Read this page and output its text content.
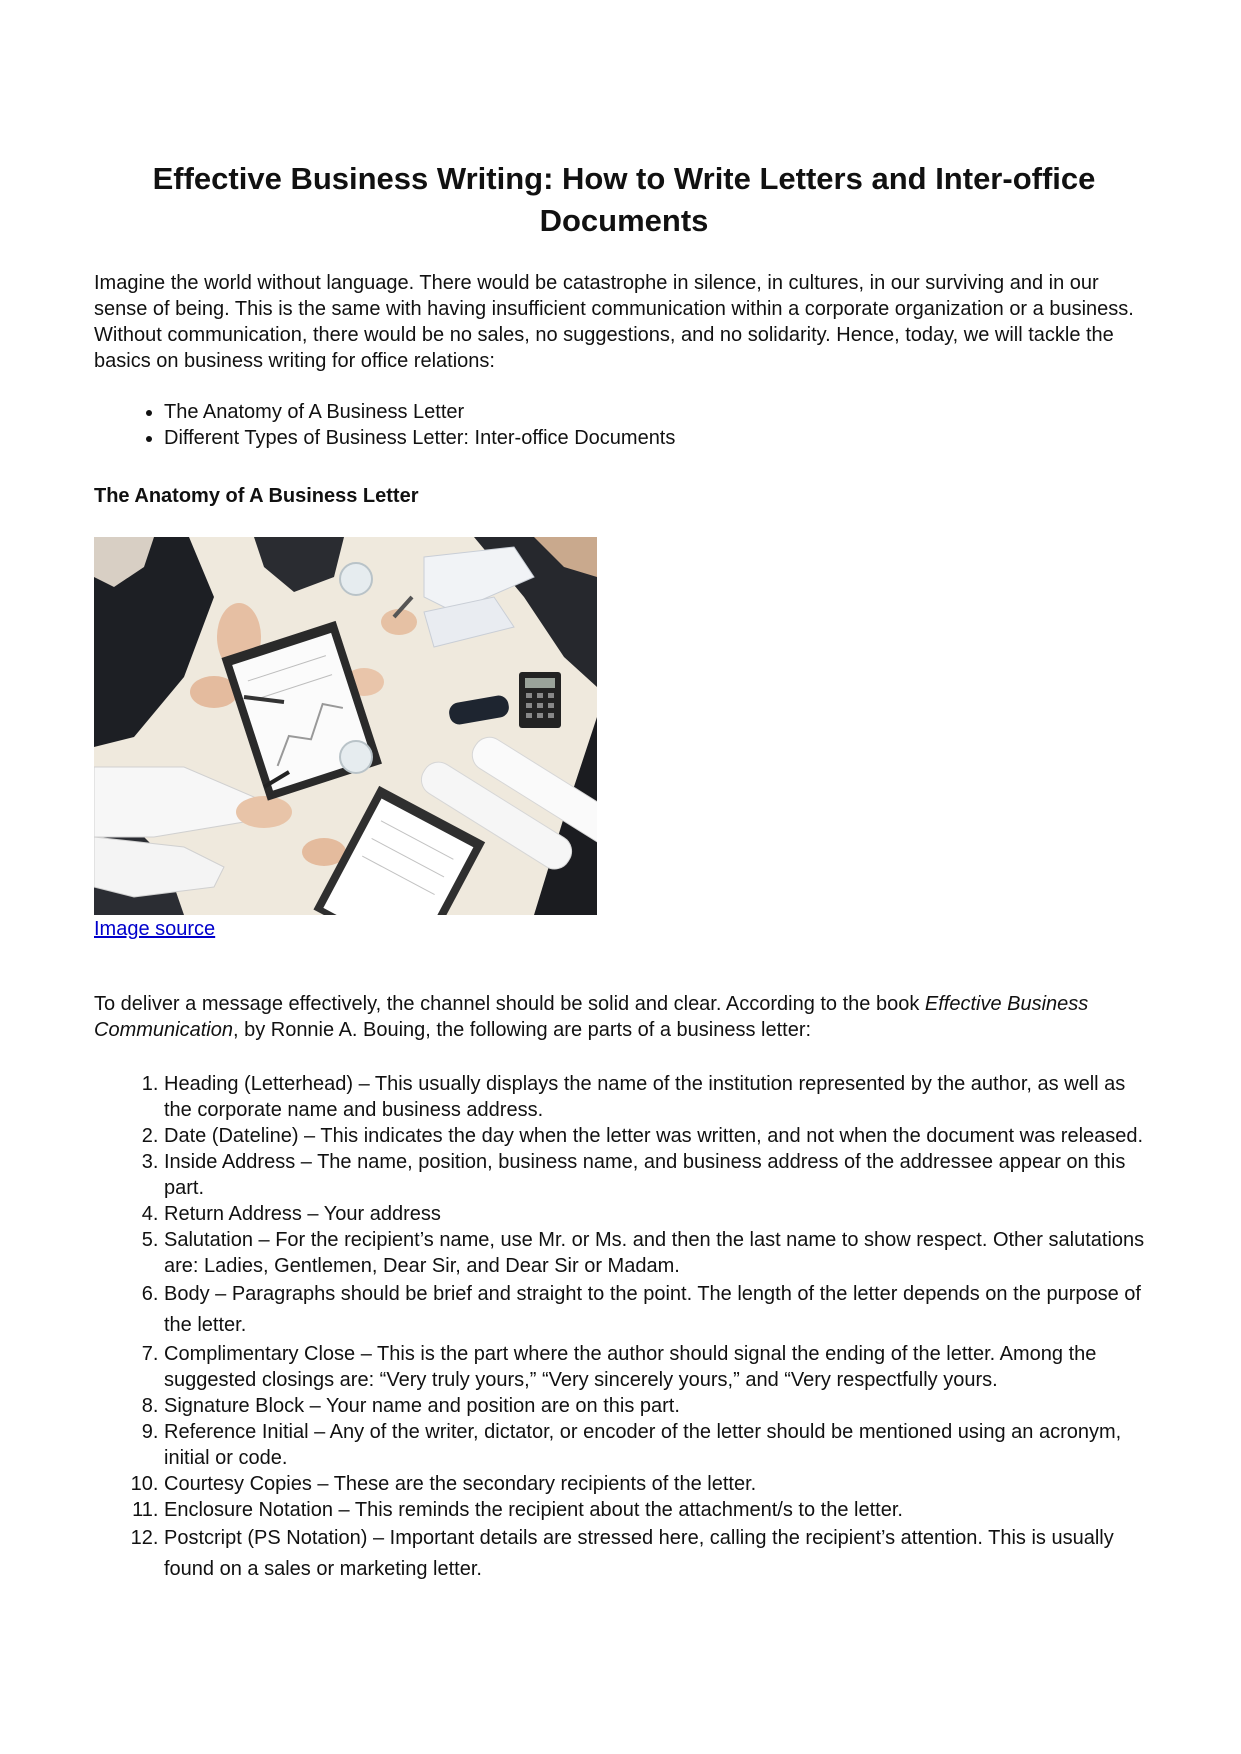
Effective Business Writing: How to Write Letters and Inter-office Documents

Imagine the world without language. There would be catastrophe in silence, in cultures, in our surviving and in our sense of being. This is the same with having insufficient communication within a corporate organization or a business. Without communication, there would be no sales, no suggestions, and no solidarity. Hence, today, we will tackle the basics on business writing for office relations:

• The Anatomy of A Business Letter
• Different Types of Business Letter: Inter-office Documents
The Anatomy of A Business Letter
Image source

To deliver a message effectively, the channel should be solid and clear. According to the book Effective Business Communication, by Ronnie A. Bouing, the following are parts of a business letter:

1. Heading (Letterhead) – This usually displays the name of the institution represented by the author, as well as the corporate name and business address.
2. Date (Dateline) – This indicates the day when the letter was written, and not when the document was released.
3. Inside Address – The name, position, business name, and business address of the addressee appear on this part.
4. Return Address – Your address
5. Salutation – For the recipient’s name, use Mr. or Ms. and then the last name to show respect. Other salutations are: Ladies, Gentlemen, Dear Sir, and Dear Sir or Madam.
6. Body – Paragraphs should be brief and straight to the point. The length of the letter depends on the purpose of the letter.
7. Complimentary Close – This is the part where the author should signal the ending of the letter. Among the suggested closings are: “Very truly yours,” “Very sincerely yours,” and “Very respectfully yours.
8. Signature Block – Your name and position are on this part.
9. Reference Initial – Any of the writer, dictator, or encoder of the letter should be mentioned using an acronym, initial or code.
10. Courtesy Copies – These are the secondary recipients of the letter.
11. Enclosure Notation – This reminds the recipient about the attachment/s to the letter.
12. Postcript (PS Notation) – Important details are stressed here, calling the recipient’s attention. This is usually found on a sales or marketing letter.
